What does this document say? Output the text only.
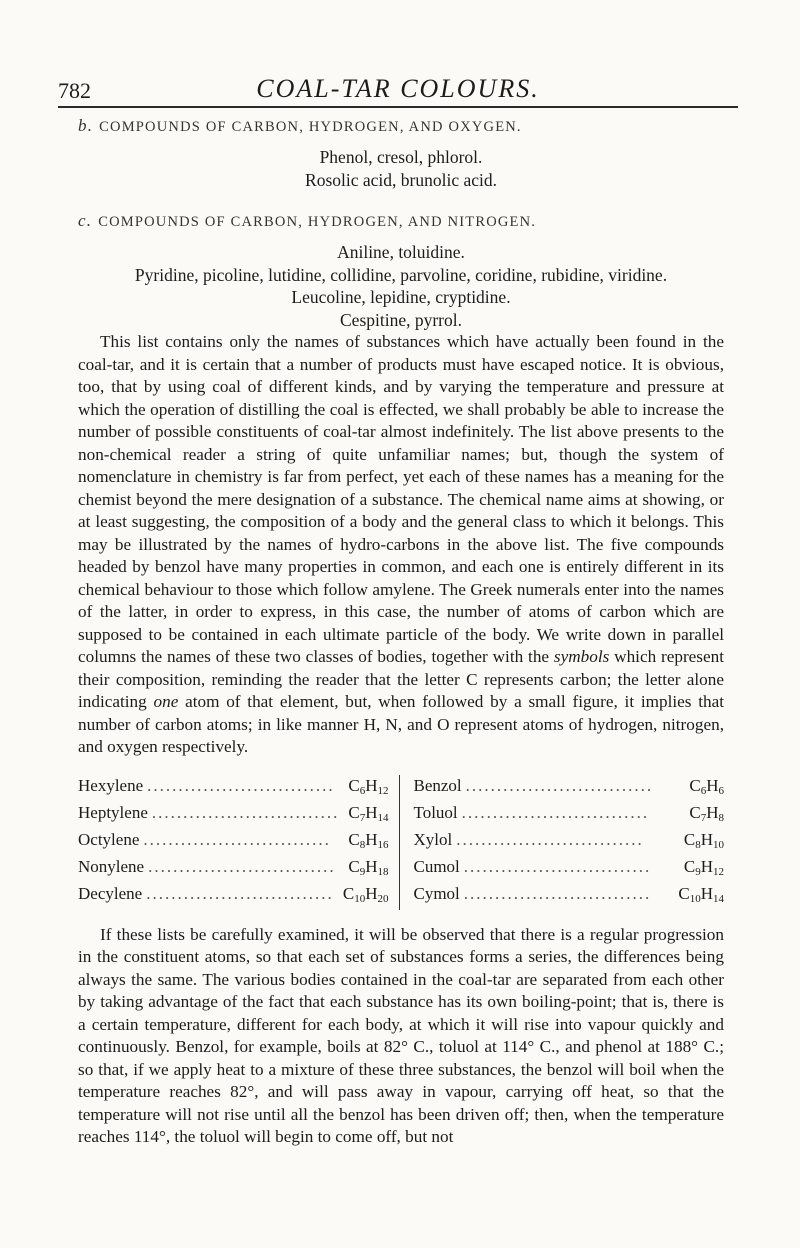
782	COAL-TAR COLOURS.

b. COMPOUNDS OF CARBON, HYDROGEN, AND OXYGEN.

Phenol, cresol, phlorol.

Rosolic acid, brunolic acid.

c. COMPOUNDS OF CARBON, HYDROGEN, AND NITROGEN.

Aniline, toluidine.

Pyridine, picoline, lutidine, collidine, parvoline, coridine, rubidine, viridine.

Leucoline, lepidine, cryptidine.

Cespitine, pyrrol.

This list contains only the names of substances which have actually been found in the coal-tar, and it is certain that a number of products must have escaped notice. It is obvious, too, that by using coal of different kinds, and by varying the temperature and pressure at which the operation of distilling the coal is effected, we shall probably be able to increase the number of possible constituents of coal-tar almost indefinitely. The list above presents to the non-chemical reader a string of quite unfamiliar names; but, though the system of nomenclature in chemistry is far from perfect, yet each of these names has a meaning for the chemist beyond the mere designation of a substance. The chemical name aims at showing, or at least suggesting, the composition of a body and the general class to which it belongs. This may be illustrated by the names of hydro-carbons in the above list. The five compounds headed by benzol have many properties in common, and each one is entirely different in its chemical behaviour to those which follow amylene. The Greek numerals enter into the names of the latter, in order to express, in this case, the number of atoms of carbon which are supposed to be contained in each ultimate particle of the body. We write down in parallel columns the names of these two classes of bodies, together with the symbols which represent their composition, reminding the reader that the letter C represents carbon; the letter alone indicating one atom of that element, but, when followed by a small figure, it implies that number of carbon atoms; in like manner H, N, and O represent atoms of hydrogen, nitrogen, and oxygen respectively.

Hexylene .............................. $C_6H_{12}$
Heptylene .............................. $C_7H_{14}$
Octylene ..............................	$C_8H_{16}$
Nonylene .............................. $C_9H_{18}$
Decylene .............................. $C_{10}H_{20}$
Benzol ..............................	$C_6H_6$
Toluol ..............................	$C_7H_8$
Xylol ..............................	$C_8H_{10}$
Cumol ..............................	$C_9H_{12}$
Cymol ..............................	$C_{10}H_{14}$

If these lists be carefully examined, it will be observed that there is a regular progression in the constituent atoms, so that each set of substances forms a series, the differences being always the same. The various bodies contained in the coal-tar are separated from each other by taking advantage of the fact that each substance has its own boiling-point; that is, there is a certain temperature, different for each body, at which it will rise into vapour quickly and continuously. Benzol, for example, boils at 82° C., toluol at 114° C., and phenol at 188° C.; so that, if we apply heat to a mixture of these three substances, the benzol will boil when the temperature reaches 82°, and will pass away in vapour, carrying off heat, so that the temperature will not rise until all the benzol has been driven off; then, when the temperature reaches 114°, the toluol will begin to come off, but not
